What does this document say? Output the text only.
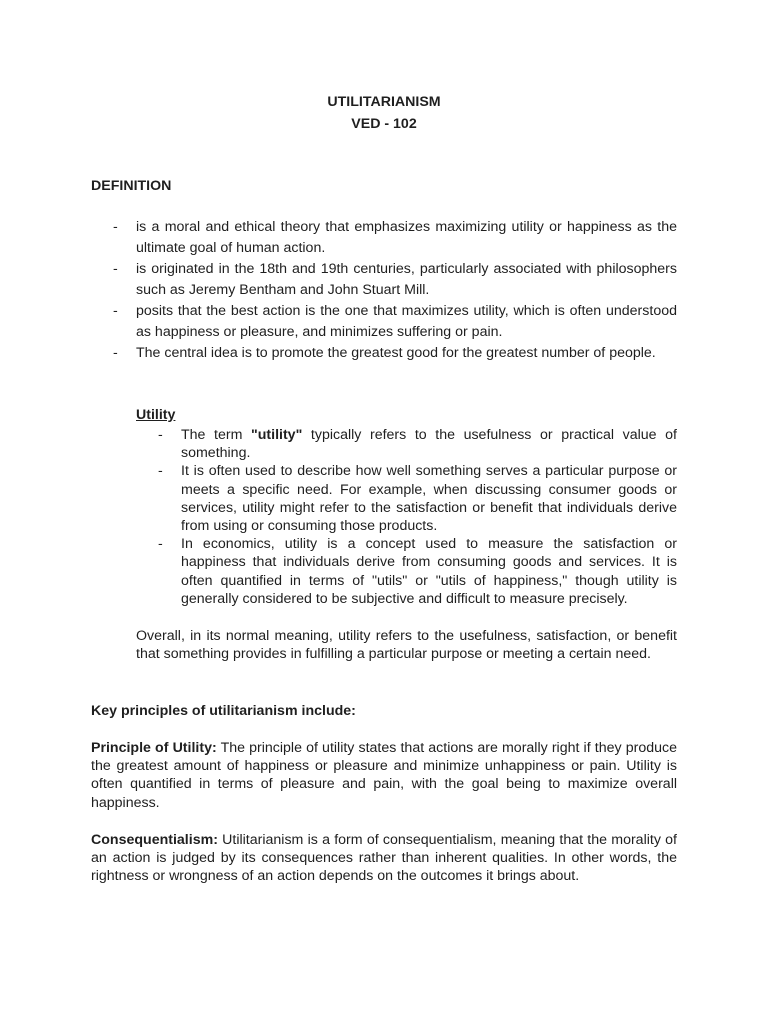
UTILITARIANISM
VED - 102
DEFINITION
- is a moral and ethical theory that emphasizes maximizing utility or happiness as the ultimate goal of human action.
- is originated in the 18th and 19th centuries, particularly associated with philosophers such as Jeremy Bentham and John Stuart Mill.
- posits that the best action is the one that maximizes utility, which is often understood as happiness or pleasure, and minimizes suffering or pain.
- The central idea is to promote the greatest good for the greatest number of people.
Utility
- The term "utility" typically refers to the usefulness or practical value of something.
- It is often used to describe how well something serves a particular purpose or meets a specific need. For example, when discussing consumer goods or services, utility might refer to the satisfaction or benefit that individuals derive from using or consuming those products.
- In economics, utility is a concept used to measure the satisfaction or happiness that individuals derive from consuming goods and services. It is often quantified in terms of "utils" or "utils of happiness," though utility is generally considered to be subjective and difficult to measure precisely.

Overall, in its normal meaning, utility refers to the usefulness, satisfaction, or benefit that something provides in fulfilling a particular purpose or meeting a certain need.

Key principles of utilitarianism include:

Principle of Utility: The principle of utility states that actions are morally right if they produce the greatest amount of happiness or pleasure and minimize unhappiness or pain. Utility is often quantified in terms of pleasure and pain, with the goal being to maximize overall happiness.

Consequentialism: Utilitarianism is a form of consequentialism, meaning that the morality of an action is judged by its consequences rather than inherent qualities. In other words, the rightness or wrongness of an action depends on the outcomes it brings about.
